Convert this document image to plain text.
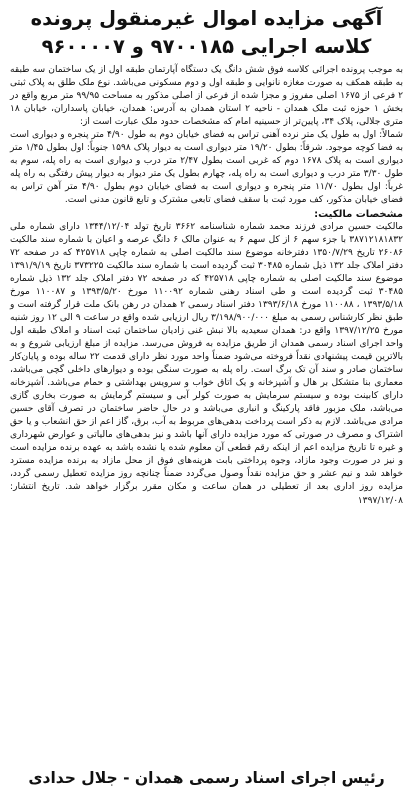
آگهی مزایده اموال غیرمنقول پرونده
کلاسه اجرایی ۹۷۰۰۱۸۵ و ۹۶۰۰۰۰۷

به موجب پرونده اجرائی کلاسه فوق شش دانگ یک دستگاه آپارتمان طبقه اول از یک ساختمان سه طبقه به طبقه همکف به صورت مغازه نانوایی و طبقه اول و دوم مسکونی می‌باشد. نوع ملک طلق به پلاک ثبتی ۲ فرعی از ۱۶۷۵ اصلی مفروز و مجزا شده از فرعی از اصلی مذکور به مساحت ۹۹/۹۵ متر مربع واقع در بخش ۱ حوزه ثبت ملک همدان - ناحیه ۲ استان همدان به آدرس: همدان، خیابان پاسداران، خیابان ۱۸ متری جلالی، پلاک ۳۴، پایین‌تر از حسینیه امام که مشخصات حدود ملک عبارت است از:

شمالاً: اول به طول یک متر نرده آهنی تراس به فضای خیابان دوم به طول ۴/۹۰ متر پنجره و دیواری است به فضا کوچه موجود. شرقاً: بطول ۱۹/۲۰ متر دیواری است به دیوار پلاک ۱۵۹۸ جنوباً: اول بطول ۱/۴۵ متر دیواری است به پلاک ۱۶۷۸ دوم که غربی است بطول ۲/۴۷ متر درب و دیواری است به راه پله، سوم به طول ۳/۳۰ متر درب و دیواری است به راه پله، چهارم بطول یک متر دیوار به دیوار پیش رفتگی به راه پله غرباً: اول بطول ۱۱/۷۰ متر پنجره و دیواری است به فضای خیابان دوم بطول ۴/۹۰ متر آهن تراس به فضای خیابان مذکور، کف مورد ثبت با سقف فضای تابعی مشترک و تابع قانون مدنی است.

مشخصات مالکیت:

مالکیت حسین مرادی فرزند محمد شماره شناسنامه ۳۶۶۲ تاریخ تولد ۱۳۴۴/۱۲/۰۴ دارای شماره ملی ۳۸۷۱۲۱۸۱۸۳۲ با جزء سهم ۶ از کل سهم ۶ به عنوان مالک ۶ دانگ عرصه و اعیان با شماره سند مالکیت ۲۶۰۸۶ تاریخ ۱۳۵۰/۷/۲۹ دفترخانه موضوع سند مالکیت اصلی به شماره چاپی ۴۲۵۷۱۸ که در صفحه ۷۲ دفتر املاک جلد ۱۳۲ ذیل شماره ۳۰۴۸۵ ثبت گردیده است با شماره سند مالکیت ۳۷۳۲۲۵ تاریخ ۱۳۹۱/۹/۱۹ موضوع سند مالکیت اصلی به شماره چاپی ۴۲۵۷۱۸ که در صفحه ۷۲ دفتر املاک جلد ۱۳۲ ذیل شماره ۳۰۴۸۵ ثبت گردیده است و طی اسناد رهنی شماره ۱۱۰۰۹۲ مورخ ۱۳۹۳/۵/۲۰ و ۱۱۰۰۸۷ مورخ ۱۳۹۳/۵/۱۸ ، ۱۱۰۰۸۸ مورخ ۱۳۹۳/۶/۱۸ دفتر اسناد رسمی ۲ همدان در رهن بانک ملت قرار گرفته است و طبق نظر کارشناس رسمی به مبلغ ۳/۱۹۸/۹۰۰/۰۰۰ ریال ارزیابی شده واقع در ساعت ۹ الی ۱۲ روز شنبه مورخ ۱۳۹۷/۱۲/۲۵ واقع در: همدان سعیدیه بالا نبش غنی زادیان ساختمان ثبت اسناد و املاک طبقه اول واحد اجرای اسناد رسمی همدان از طریق مزایده به فروش می‌رسد. مزایده از مبلغ ارزیابی شروع و به بالاترین قیمت پیشنهادی نقداً فروخته می‌شود ضمناً واحد مورد نظر دارای قدمت ۲۲ ساله بوده و پایان‌کار ساختمان صادر و سند آن تک برگ است. راه پله به صورت سنگی بوده و دیوارهای داخلی گچی می‌باشد، معماری بنا متشکل بر هال و آشپزخانه و یک اتاق خواب و سرویس بهداشتی و حمام می‌باشد. آشپزخانه دارای کابینت بوده و سیستم سرمایش به صورت کولر آبی و سیستم گرمایش به صورت بخاری گازی می‌باشد، ملک مزبور فاقد پارکینگ و انباری می‌باشد و در حال حاضر ساختمان در تصرف آقای حسین مرادی می‌باشد. لازم به ذکر است پرداخت بدهی‌های مربوط به آب، برق، گاز اعم از حق انشعاب و یا حق اشتراک و مصرف در صورتی که مورد مزایده دارای آنها باشد و نیز بدهی‌های مالیاتی و عوارض شهرداری و غیره تا تاریخ مزایده اعم از اینکه رقم قطعی آن معلوم شده یا نشده باشد به عهده برنده مزایده است و نیز در صورت وجود مازاد، وجوه پرداختی بابت هزینه‌های فوق از محل مازاد به برنده مزایده مسترد خواهد شد و نیم عشر و حق مزایده نقداً وصول می‌گردد ضمناً چنانچه روز مزایده تعطیل رسمی گردد، مزایده روز اداری بعد از تعطیلی در همان ساعت و مکان مقرر برگزار خواهد شد. تاریخ انتشار: ۱۳۹۷/۱۲/۰۸

رئیس اجرای اسناد رسمی همدان - جلال حدادی
